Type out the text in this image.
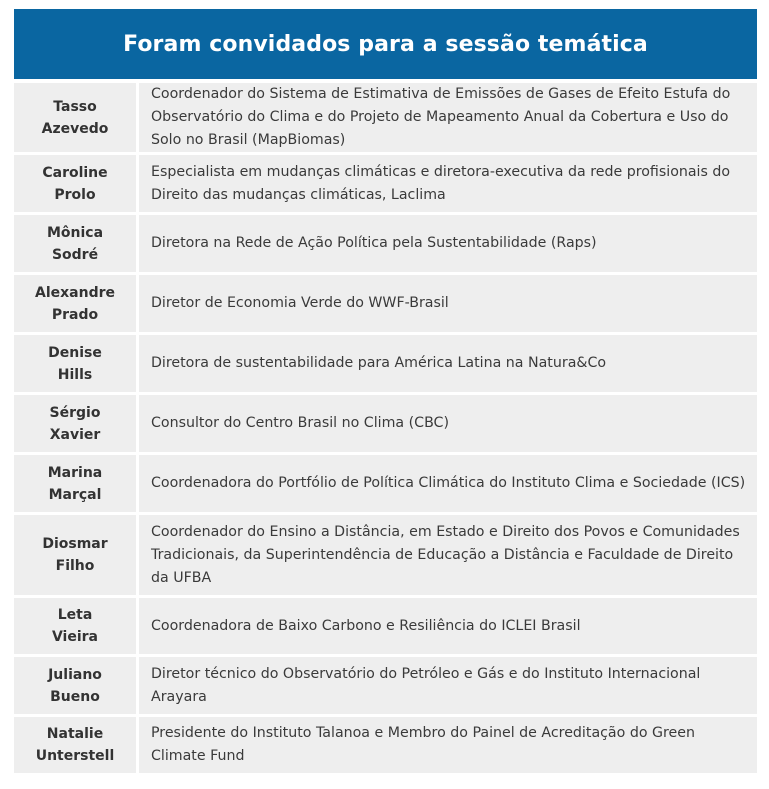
Foram convidados para a sessão temática
Tasso
Azevedo	Coordenador do Sistema de Estimativa de Emissões de Gases de Efeito Estufa do Observatório do Clima e do Projeto de Mapeamento Anual da Cobertura e Uso do Solo no Brasil (MapBiomas)
Caroline
Prolo	Especialista em mudanças climáticas e diretora-executiva da rede profisionais do Direito das mudanças climáticas, Laclima
Mônica
Sodré	Diretora na Rede de Ação Política pela Sustentabilidade (Raps)
Alexandre
Prado	Diretor de Economia Verde do WWF-Brasil
Denise
Hills	Diretora de sustentabilidade para América Latina na Natura&Co
Sérgio
Xavier	Consultor do Centro Brasil no Clima (CBC)
Marina
Marçal	Coordenadora do Portfólio de Política Climática do Instituto Clima e Sociedade (ICS)
Diosmar
Filho	Coordenador do Ensino a Distância, em Estado e Direito dos Povos e Comunidades Tradicionais, da Superintendência de Educação a Distância e Faculdade de Direito da UFBA
Leta
Vieira	Coordenadora de Baixo Carbono e Resiliência do ICLEI Brasil
Juliano
Bueno	Diretor técnico do Observatório do Petróleo e Gás e do Instituto Internacional Arayara
Natalie
Unterstell	Presidente do Instituto Talanoa e Membro do Painel de Acreditação do Green Climate Fund
